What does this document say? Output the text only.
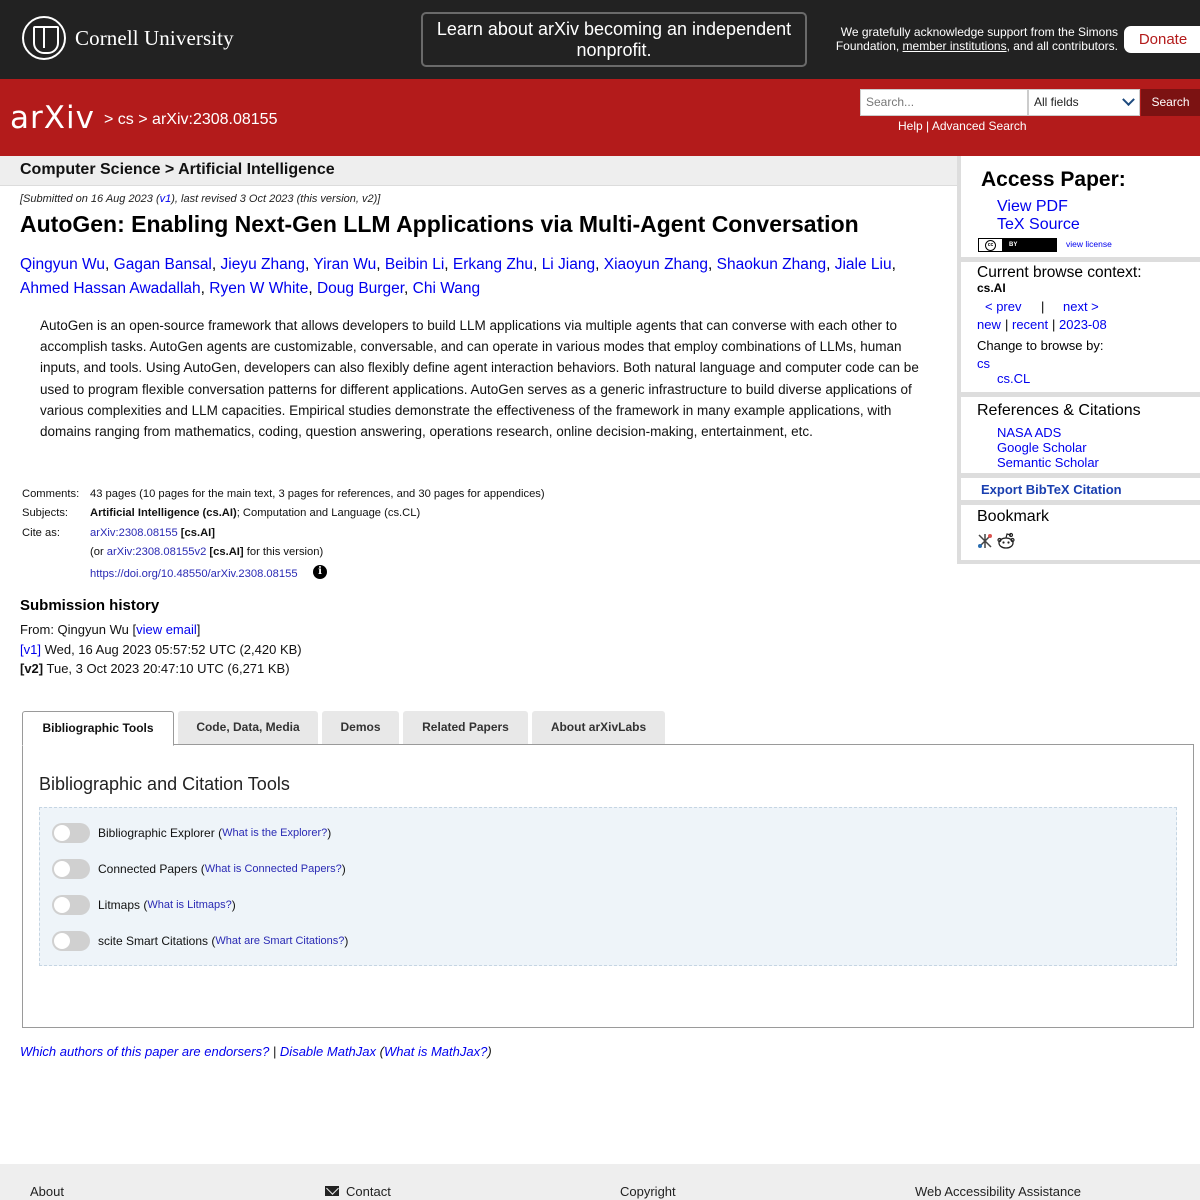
Cornell University	Learn about arXiv becoming an independent nonprofit.
We gratefully acknowledge support from the Simons Foundation, member institutions, and all contributors.	Donate
arXiv > cs > arXiv:2308.08155
Search...	All fields	Search
Help | Advanced Search
Computer Science > Artificial Intelligence
[Submitted on 16 Aug 2023 (v1), last revised 3 Oct 2023 (this version, v2)]
AutoGen: Enabling Next-Gen LLM Applications via Multi-Agent Conversation
Qingyun Wu, Gagan Bansal, Jieyu Zhang, Yiran Wu, Beibin Li, Erkang Zhu, Li Jiang, Xiaoyun Zhang, Shaokun Zhang, Jiale Liu, Ahmed Hassan Awadallah, Ryen W White, Doug Burger, Chi Wang
AutoGen is an open-source framework that allows developers to build LLM applications via multiple agents that can converse with each other to accomplish tasks. AutoGen agents are customizable, conversable, and can operate in various modes that employ combinations of LLMs, human inputs, and tools. Using AutoGen, developers can also flexibly define agent interaction behaviors. Both natural language and computer code can be used to program flexible conversation patterns for different applications. AutoGen serves as a generic infrastructure to build diverse applications of various complexities and LLM capacities. Empirical studies demonstrate the effectiveness of the framework in many example applications, with domains ranging from mathematics, coding, question answering, operations research, online decision-making, entertainment, etc.
Comments: 43 pages (10 pages for the main text, 3 pages for references, and 30 pages for appendices)
Subjects: Artificial Intelligence (cs.AI); Computation and Language (cs.CL)
Cite as:	arXiv:2308.08155 [cs.AI]
(or arXiv:2308.08155v2 [cs.AI] for this version)
https://doi.org/10.48550/arXiv.2308.08155	i
Submission history
From: Qingyun Wu [view email]
[v1] Wed, 16 Aug 2023 05:57:52 UTC (2,420 KB)
[v2] Tue, 3 Oct 2023 20:47:10 UTC (6,271 KB)
Bibliographic Tools	Code, Data, Media	Demos	Related Papers	About arXivLabs
Bibliographic and Citation Tools
Bibliographic Explorer ( What is the Explorer? )
Connected Papers ( What is Connected Papers? )
Litmaps ( What is Litmaps? )
scite Smart Citations ( What are Smart Citations? )
Which authors of this paper are endorsers? | Disable MathJax (What is MathJax?)
Access Paper:
View PDF
TeX Source
view license
Current browse context:
cs.AI
< prev | next >
new | recent | 2023-08
Change to browse by:
cs
cs.CL
References & Citations
NASA ADS
Google Scholar
Semantic Scholar
Export BibTeX Citation
Bookmark
cc	BY
About	Contact	Copyright	Web Accessibility Assistance
